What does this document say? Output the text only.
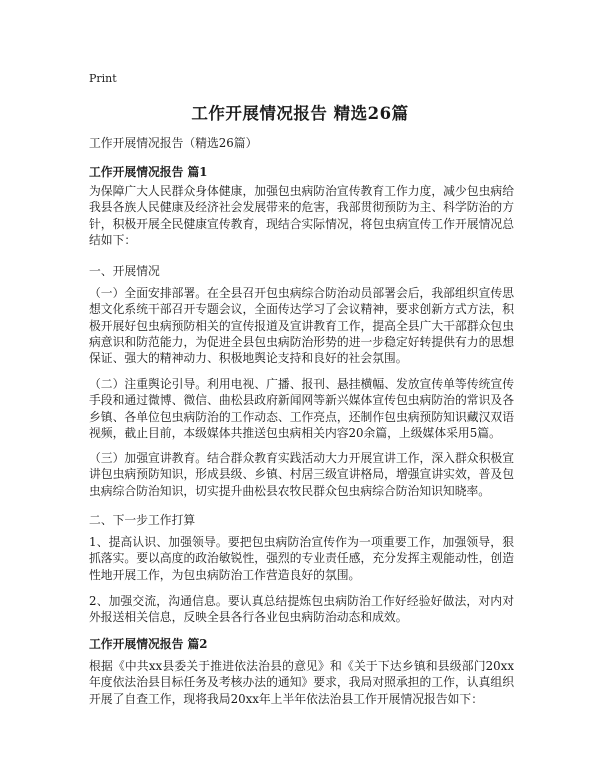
Print
工作开展情况报告 精选26篇
工作开展情况报告（精选26篇）
工作开展情况报告 篇1
为保障广大人民群众身体健康，加强包虫病防治宣传教育工作力度，减少包虫病给我县各族人民健康及经济社会发展带来的危害，我部贯彻预防为主、科学防治的方针，积极开展全民健康宣传教育，现结合实际情况，将包虫病宣传工作开展情况总结如下：
一、开展情况
（一）全面安排部署。在全县召开包虫病综合防治动员部署会后，我部组织宣传思想文化系统干部召开专题会议，全面传达学习了会议精神，要求创新方式方法，积极开展好包虫病预防相关的宣传报道及宣讲教育工作，提高全县广大干部群众包虫病意识和防范能力，为促进全县包虫病防治形势的进一步稳定好转提供有力的思想保证、强大的精神动力、积极地舆论支持和良好的社会氛围。
（二）注重舆论引导。利用电视、广播、报刊、悬挂横幅、发放宣传单等传统宣传手段和通过微博、微信、曲松县政府新闻网等新兴媒体宣传包虫病防治的常识及各乡镇、各单位包虫病防治的工作动态、工作亮点，还制作包虫病预防知识藏汉双语视频，截止目前，本级媒体共推送包虫病相关内容20余篇，上级媒体采用5篇。
（三）加强宣讲教育。结合群众教育实践活动大力开展宣讲工作，深入群众积极宣讲包虫病预防知识，形成县级、乡镇、村居三级宣讲格局，增强宣讲实效，普及包虫病综合防治知识，切实提升曲松县农牧民群众包虫病综合防治知识知晓率。
二、下一步工作打算
1、提高认识、加强领导。要把包虫病防治宣传作为一项重要工作，加强领导，狠抓落实。要以高度的政治敏锐性，强烈的专业责任感，充分发挥主观能动性，创造性地开展工作，为包虫病防治工作营造良好的氛围。
2、加强交流，沟通信息。要认真总结提炼包虫病防治工作好经验好做法，对内对外报送相关信息，反映全县各行各业包虫病防治动态和成效。
工作开展情况报告 篇2
根据《中共xx县委关于推进依法治县的意见》和《关于下达乡镇和县级部门20xx年度依法治县目标任务及考核办法的通知》要求，我局对照承担的工作，认真组织开展了自查工作，现将我局20xx年上半年依法治县工作开展情况报告如下：
